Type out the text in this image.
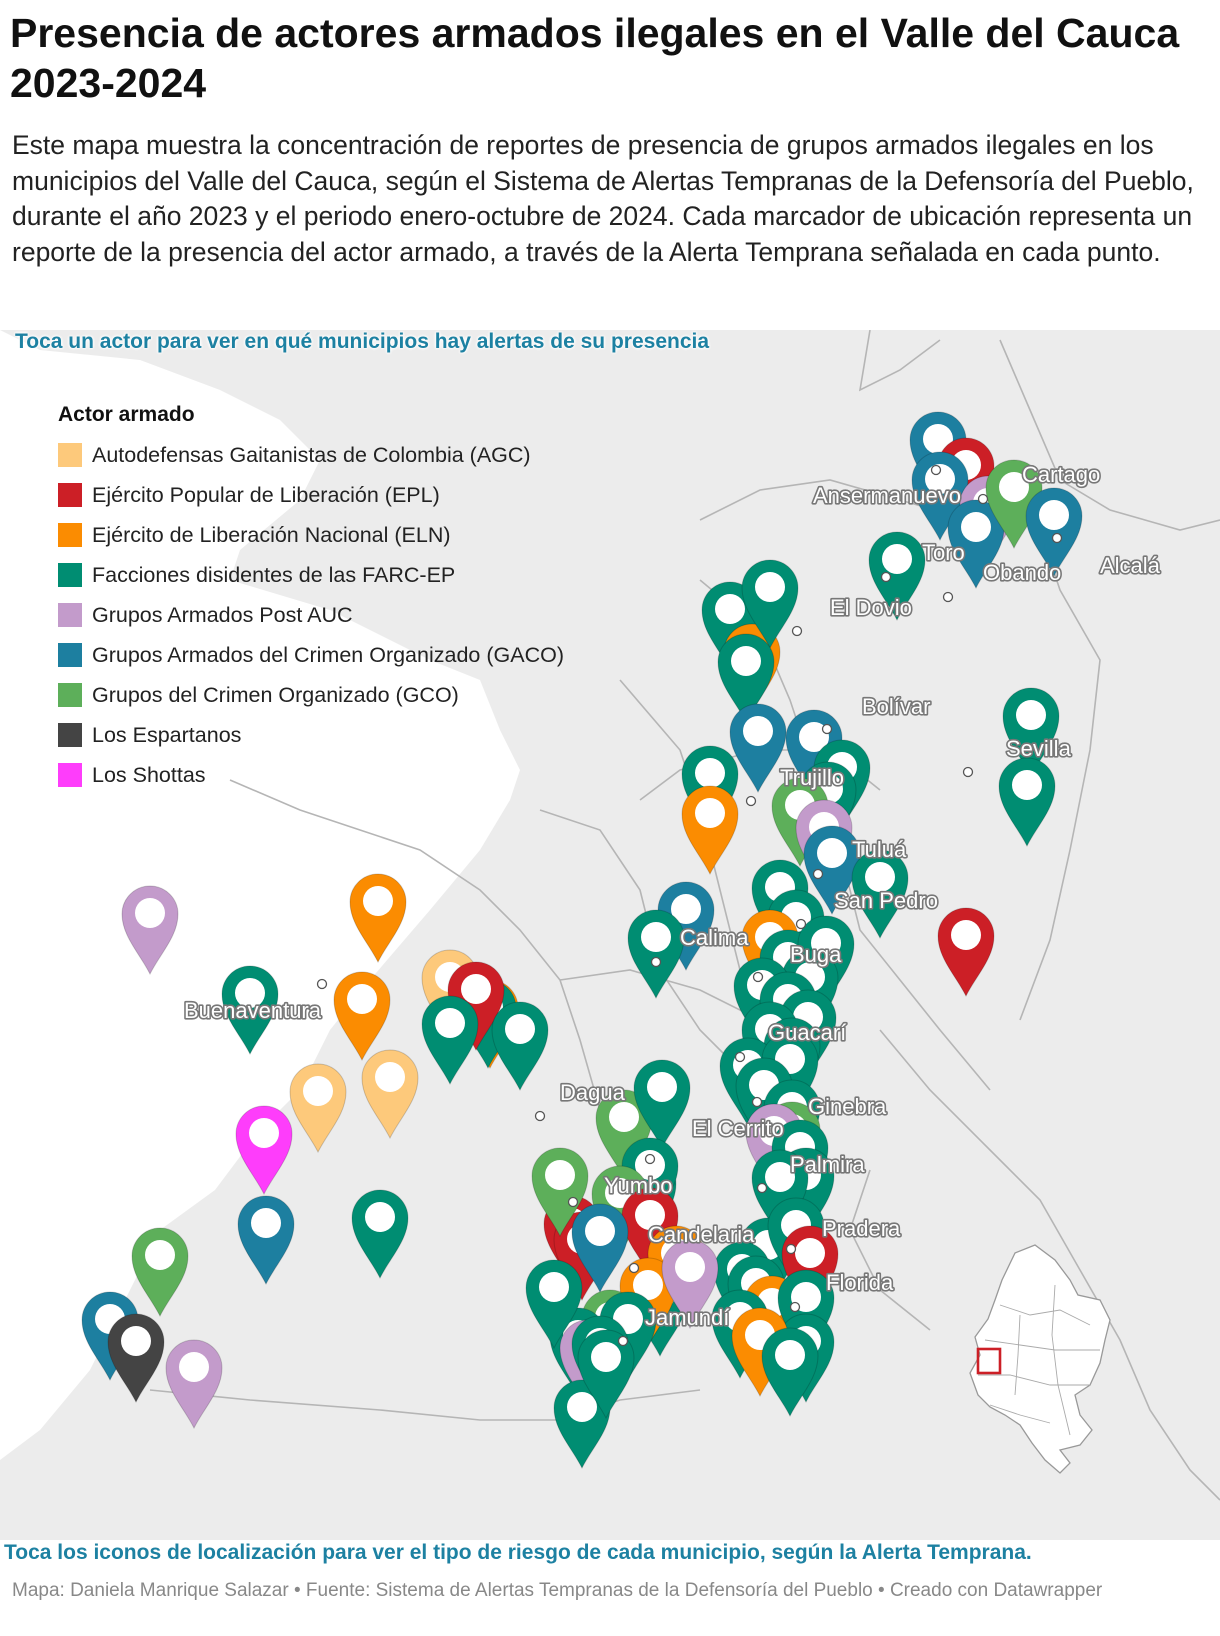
Presencia de actores armados ilegales en el Valle del Cauca 2023-2024

Este mapa muestra la concentración de reportes de presencia de grupos armados ilegales en los municipios del Valle del Cauca, según el Sistema de Alertas Tempranas de la Defensoría del Pueblo, durante el año 2023 y el periodo enero-octubre de 2024. Cada marcador de ubicación representa un reporte de la presencia del actor armado, a través de la Alerta Temprana señalada en cada punto.

Ansermanuevo
Cartago
Toro
Obando Alcalá
El Dovio
Bolívar
Sevilla
Trujillo
Tuluá
San Pedro
Calima
Buga
Buenaventura
Guacarí
Dagua
Ginebra
El Cerrito
Palmira
Yumbo
Pradera
Candelaria
Florida
Jamundí
Toca un actor para ver en qué municipios hay alertas de su presencia
Actor armado
Autodefensas Gaitanistas de Colombia (AGC)
Ejército Popular de Liberación (EPL)
Ejército de Liberación Nacional (ELN)
Facciones disidentes de las FARC-EP
Grupos Armados Post AUC
Grupos Armados del Crimen Organizado (GACO)
Grupos del Crimen Organizado (GCO)
Los Espartanos
Los Shottas
Toca los iconos de localización para ver el tipo de riesgo de cada municipio, según la Alerta Temprana.
Mapa: Daniela Manrique Salazar • Fuente: Sistema de Alertas Tempranas de la Defensoría del Pueblo • Creado con Datawrapper
